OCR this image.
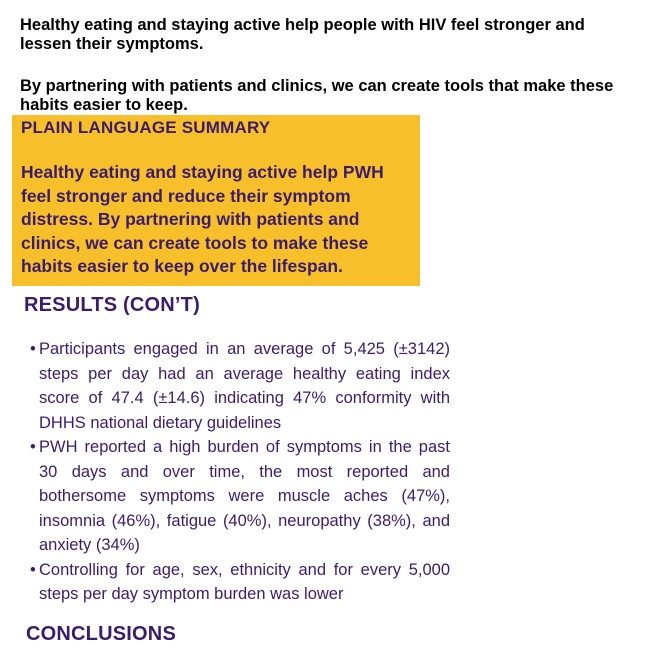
Healthy eating and staying active help people with HIV feel stronger and lessen their symptoms.
By partnering with patients and clinics, we can create tools that make these habits easier to keep.
PLAIN LANGUAGE SUMMARY
Healthy eating and staying active help PWH feel stronger and reduce their symptom distress. By partnering with patients and clinics, we can create tools to make these habits easier to keep over the lifespan.
RESULTS (CON’T)
• Participants engaged in an average of 5,425 (±3142) steps per day had an average healthy eating index score of 47.4 (±14.6) indicating 47% conformity with DHHS national dietary guidelines
• PWH reported a high burden of symptoms in the past 30 days and over time, the most reported and bothersome symptoms were muscle aches (47%), insomnia (46%), fatigue (40%), neuropathy (38%), and anxiety (34%)
• Controlling for age, sex, ethnicity and for every 5,000 steps per day symptom burden was lower
CONCLUSIONS
